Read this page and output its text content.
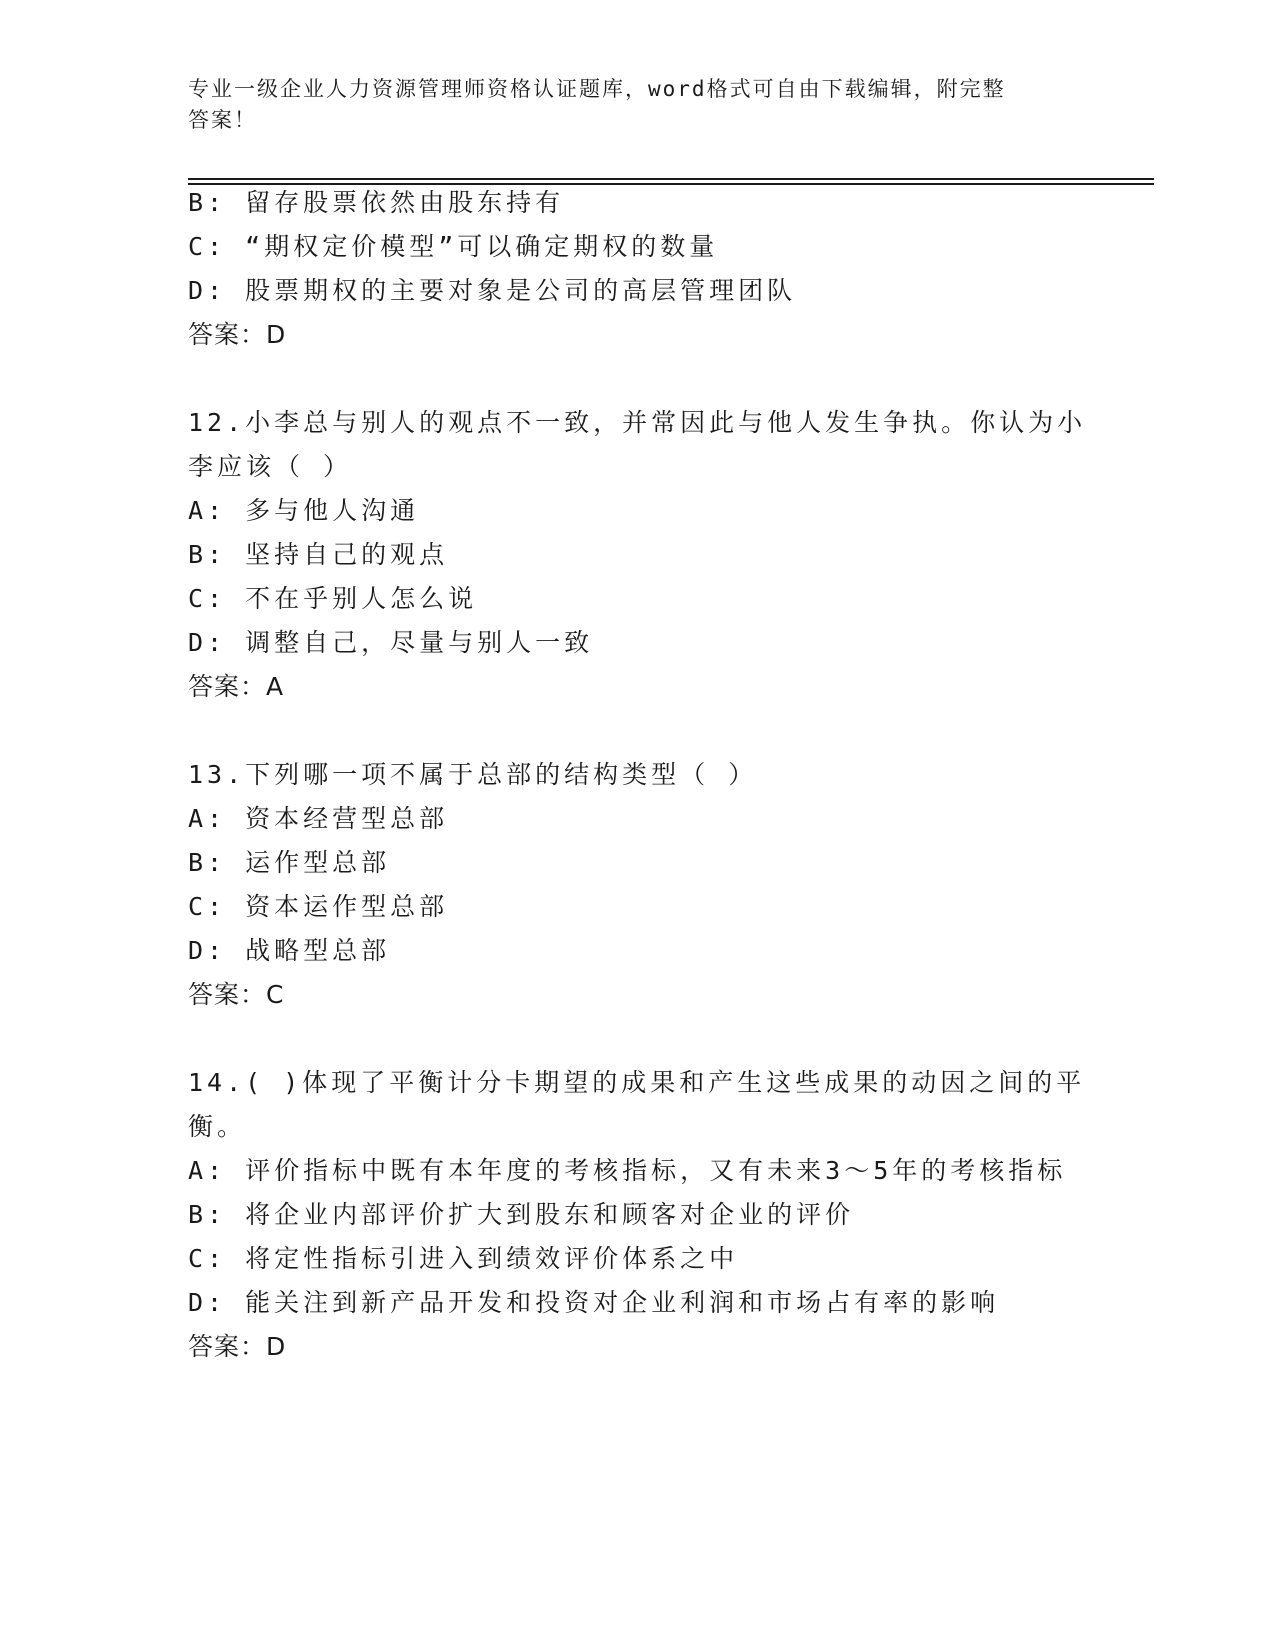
专业一级企业人力资源管理师资格认证题库，word格式可自由下载编辑，附完整
答案！

B: 留存股票依然由股东持有

C: “期权定价模型”可以确定期权的数量

D: 股票期权的主要对象是公司的高层管理团队

答案：D

12.小李总与别人的观点不一致，并常因此与他人发生争执。你认为小

李应该（ ）

A: 多与他人沟通

B: 坚持自己的观点

C: 不在乎别人怎么说

D: 调整自己，尽量与别人一致

答案：A

13.下列哪一项不属于总部的结构类型（ ）

A: 资本经营型总部

B: 运作型总部

C: 资本运作型总部

D: 战略型总部

答案：C

14.( )体现了平衡计分卡期望的成果和产生这些成果的动因之间的平

衡。

A: 评价指标中既有本年度的考核指标，又有未来3～5年的考核指标

B: 将企业内部评价扩大到股东和顾客对企业的评价

C: 将定性指标引进入到绩效评价体系之中

D: 能关注到新产品开发和投资对企业利润和市场占有率的影响

答案：D
